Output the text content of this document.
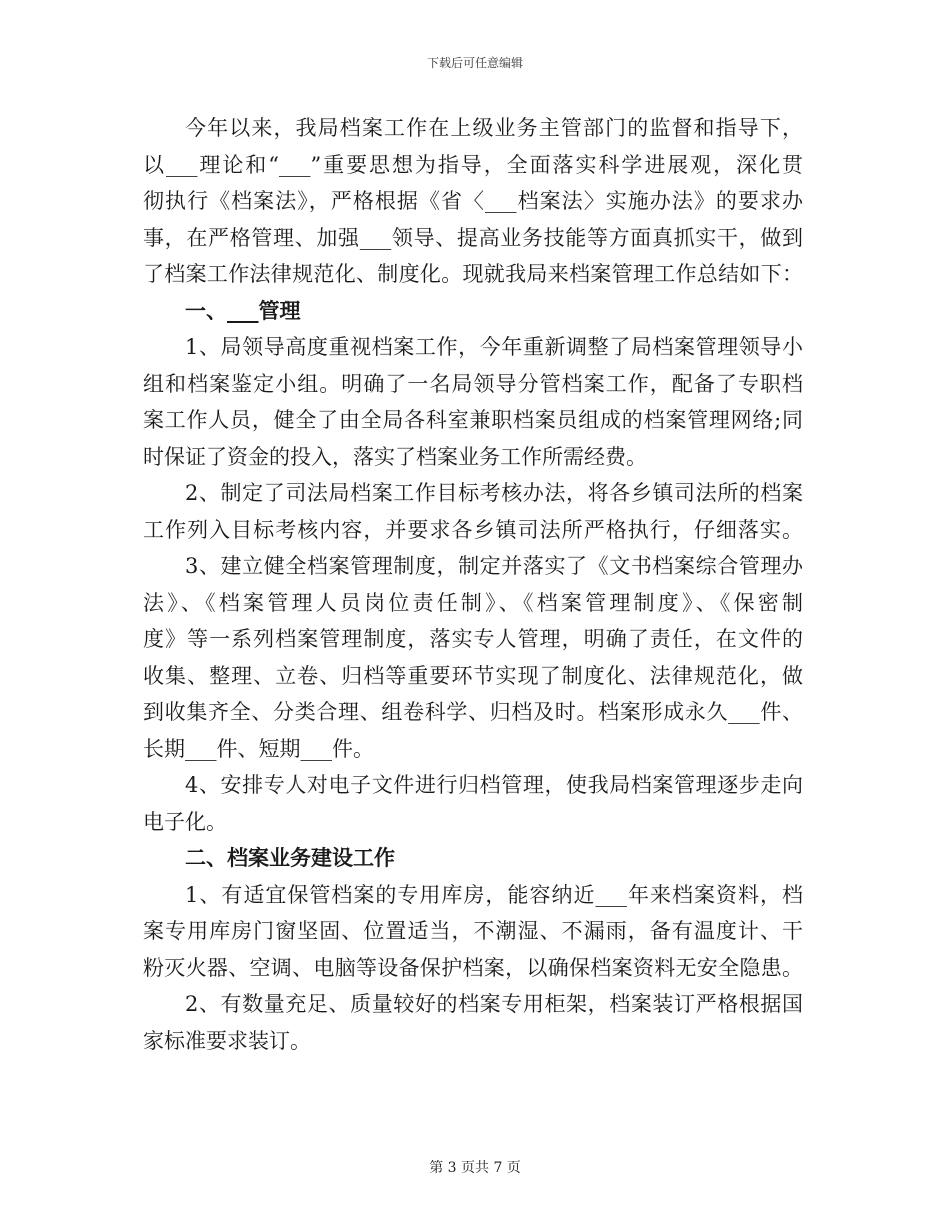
下载后可任意编辑
今年以来，我局档案工作在上级业务主管部门的监督和指导下，
以___理论和“___”重要思想为指导，全面落实科学进展观，深化贯
彻执行《档案法》，严格根据《省〈___档案法〉实施办法》的要求办
事，在严格管理、加强___领导、提高业务技能等方面真抓实干，做到
了档案工作法律规范化、制度化。现就我局来档案管理工作总结如下：
一、___管理
1、局领导高度重视档案工作，今年重新调整了局档案管理领导小
组和档案鉴定小组。明确了一名局领导分管档案工作，配备了专职档
案工作人员，健全了由全局各科室兼职档案员组成的档案管理网络;同
时保证了资金的投入，落实了档案业务工作所需经费。
2、制定了司法局档案工作目标考核办法，将各乡镇司法所的档案
工作列入目标考核内容，并要求各乡镇司法所严格执行，仔细落实。
3、建立健全档案管理制度，制定并落实了《文书档案综合管理办
法》、《档案管理人员岗位责任制》、《档案管理制度》、《保密制
度》等一系列档案管理制度，落实专人管理，明确了责任，在文件的
收集、整理、立卷、归档等重要环节实现了制度化、法律规范化，做
到收集齐全、分类合理、组卷科学、归档及时。档案形成永久___件、
长期___件、短期___件。
4、安排专人对电子文件进行归档管理，使我局档案管理逐步走向
电子化。
二、档案业务建设工作
1、有适宜保管档案的专用库房，能容纳近___年来档案资料，档
案专用库房门窗坚固、位置适当，不潮湿、不漏雨，备有温度计、干
粉灭火器、空调、电脑等设备保护档案，以确保档案资料无安全隐患。
2、有数量充足、质量较好的档案专用柜架，档案装订严格根据国
家标准要求装订。
第 3 页共 7 页
